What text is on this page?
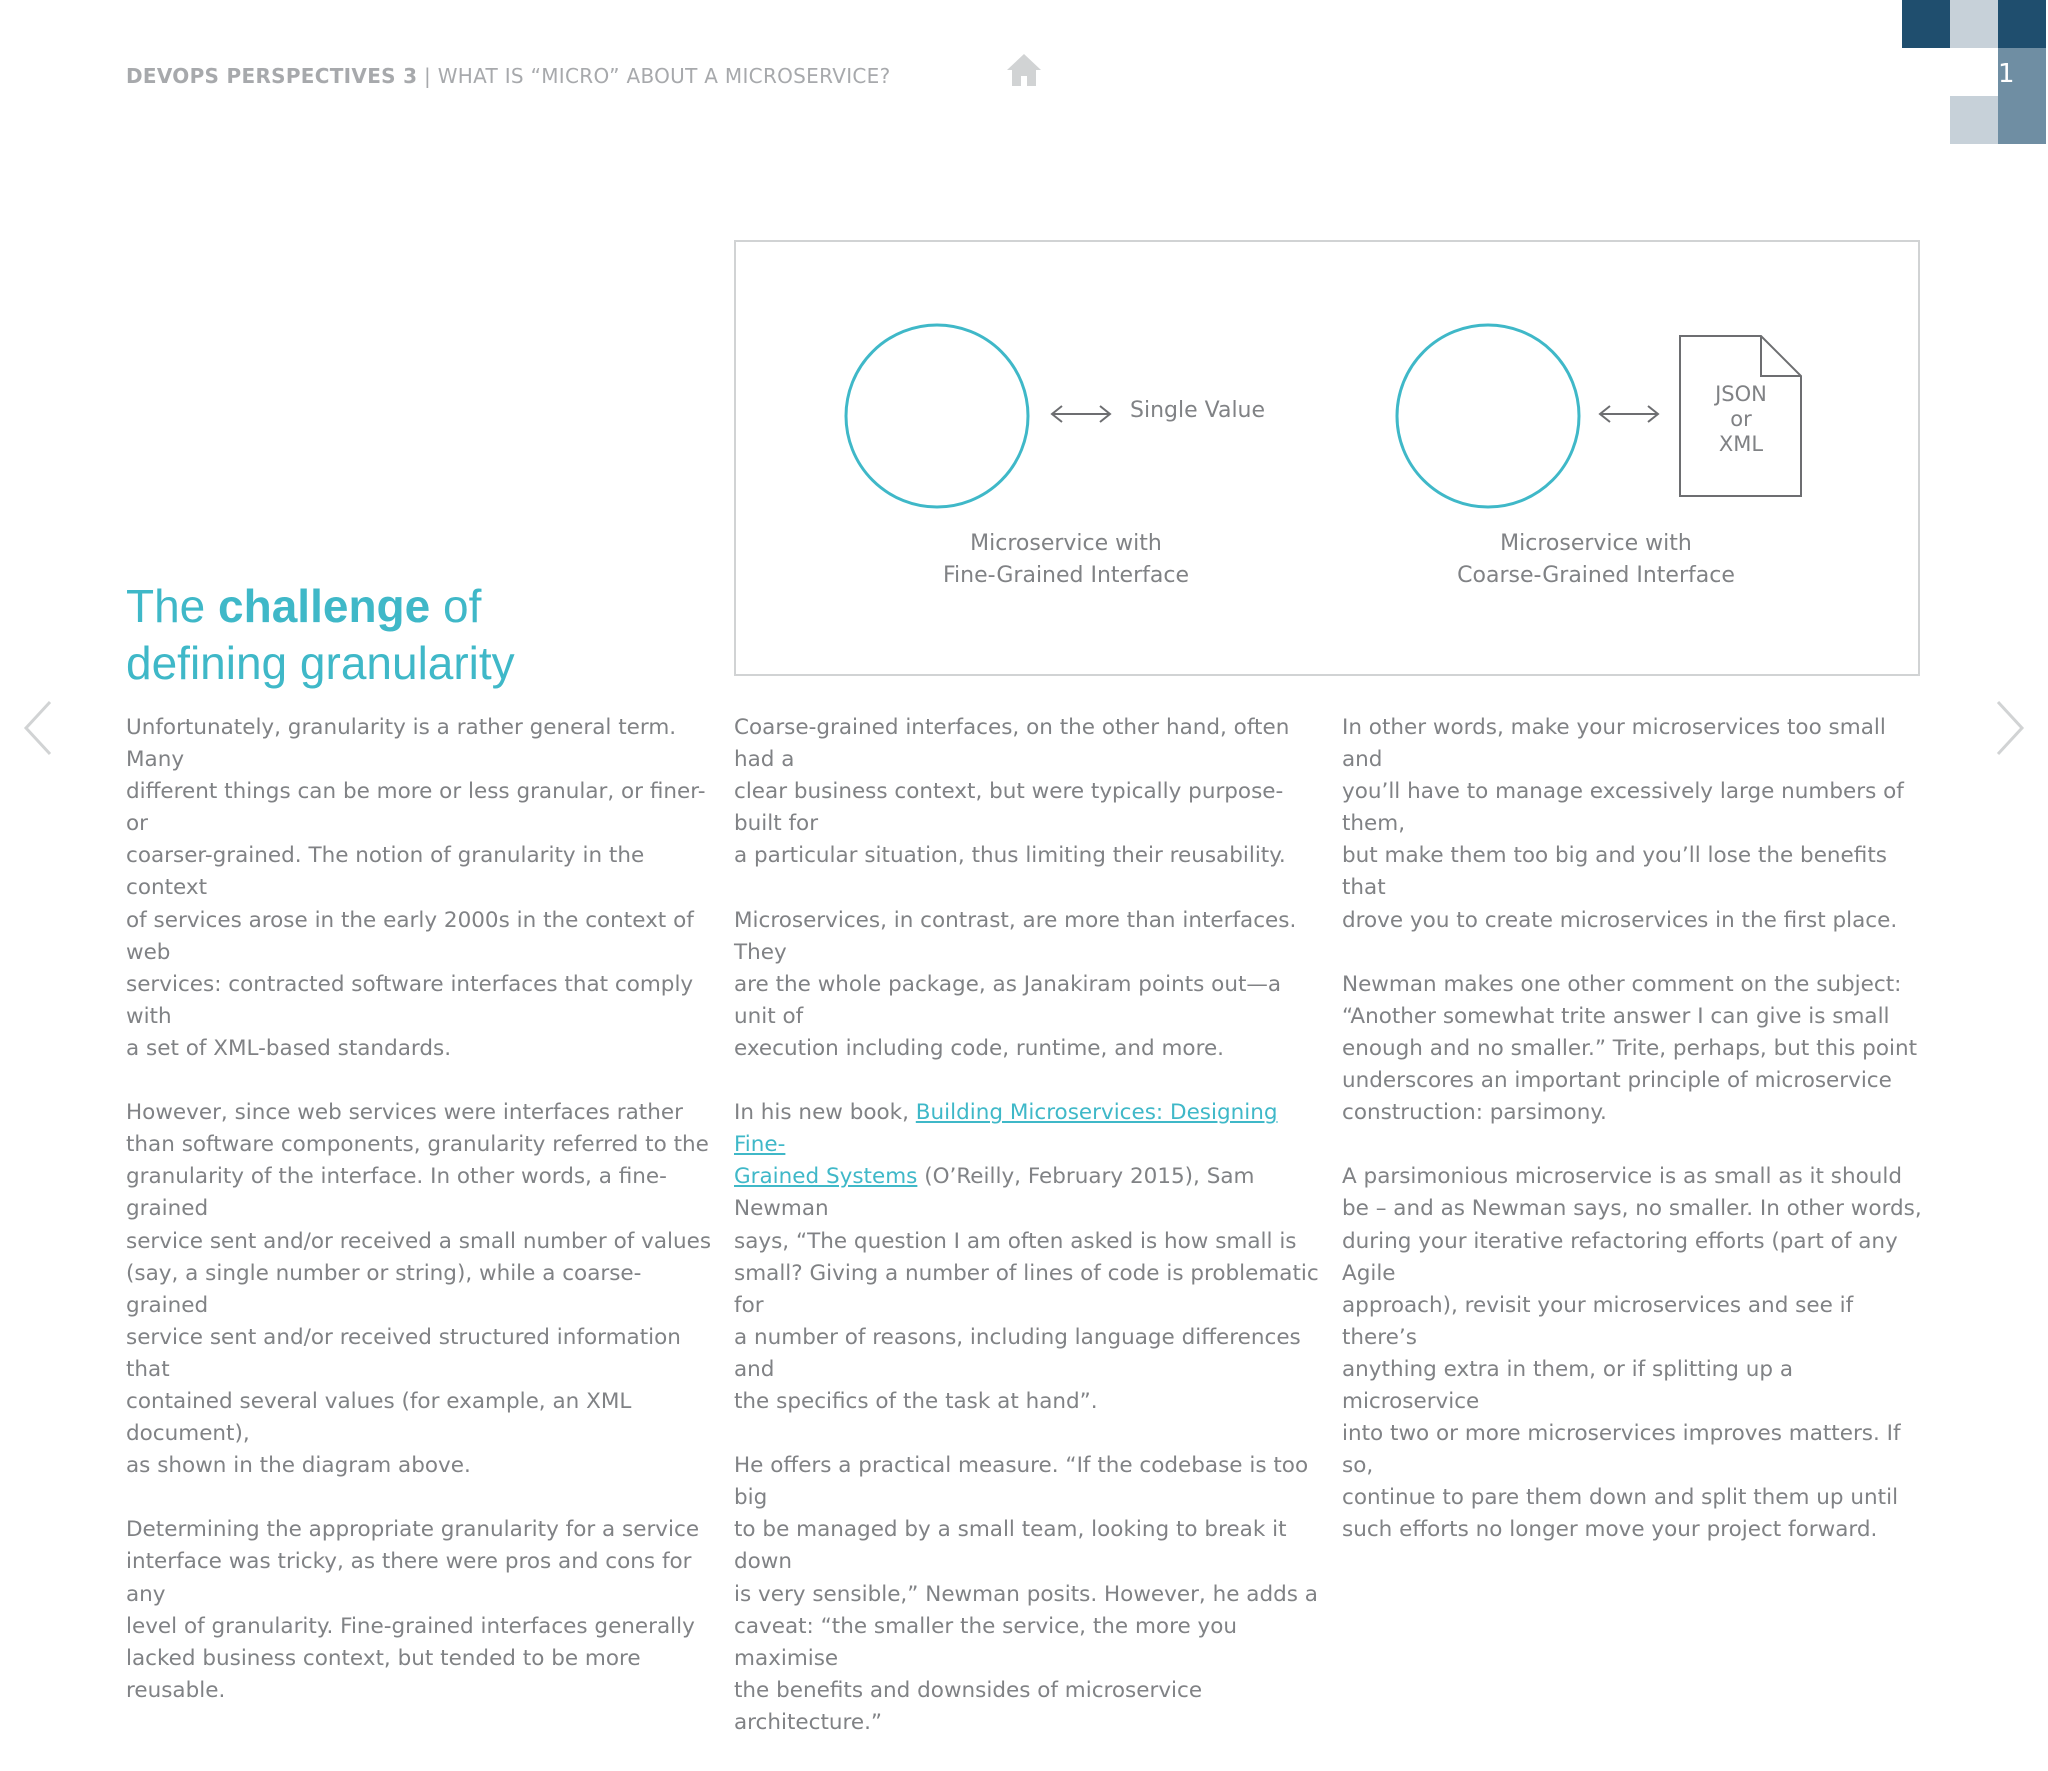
DEVOPS PERSPECTIVES 3 | WHAT IS “MICRO” ABOUT A MICROSERVICE?	21
The challenge of
defining granularity
Single Value
JSON
or
XML
Microservice with
Fine-Grained Interface
Microservice with
Coarse-Grained Interface

Unfortunately, granularity is a rather general term. Many
different things can be more or less granular, or finer- or
coarser-grained. The notion of granularity in the context
of services arose in the early 2000s in the context of web
services: contracted software interfaces that comply with
a set of XML-based standards.

However, since web services were interfaces rather
than software components, granularity referred to the
granularity of the interface. In other words, a fine-grained
service sent and/or received a small number of values
(say, a single number or string), while a coarse-grained
service sent and/or received structured information that
contained several values (for example, an XML document),
as shown in the diagram above.

Determining the appropriate granularity for a service
interface was tricky, as there were pros and cons for any
level of granularity. Fine-grained interfaces generally
lacked business context, but tended to be more reusable.

Coarse-grained interfaces, on the other hand, often had a
clear business context, but were typically purpose-built for
a particular situation, thus limiting their reusability.

Microservices, in contrast, are more than interfaces. They
are the whole package, as Janakiram points out—a unit of
execution including code, runtime, and more.

In his new book, Building Microservices: Designing Fine-
Grained Systems (O’Reilly, February 2015), Sam Newman
says, “The question I am often asked is how small is
small? Giving a number of lines of code is problematic for
a number of reasons, including language differences and
the specifics of the task at hand”.

He offers a practical measure. “If the codebase is too big
to be managed by a small team, looking to break it down
is very sensible,” Newman posits. However, he adds a
caveat: “the smaller the service, the more you maximise
the benefits and downsides of microservice architecture.”

In other words, make your microservices too small and
you’ll have to manage excessively large numbers of them,
but make them too big and you’ll lose the benefits that
drove you to create microservices in the first place.

Newman makes one other comment on the subject:
“Another somewhat trite answer I can give is small
enough and no smaller.” Trite, perhaps, but this point
underscores an important principle of microservice
construction: parsimony.

A parsimonious microservice is as small as it should
be – and as Newman says, no smaller. In other words,
during your iterative refactoring efforts (part of any Agile
approach), revisit your microservices and see if there’s
anything extra in them, or if splitting up a microservice
into two or more microservices improves matters. If so,
continue to pare them down and split them up until
such efforts no longer move your project forward.
